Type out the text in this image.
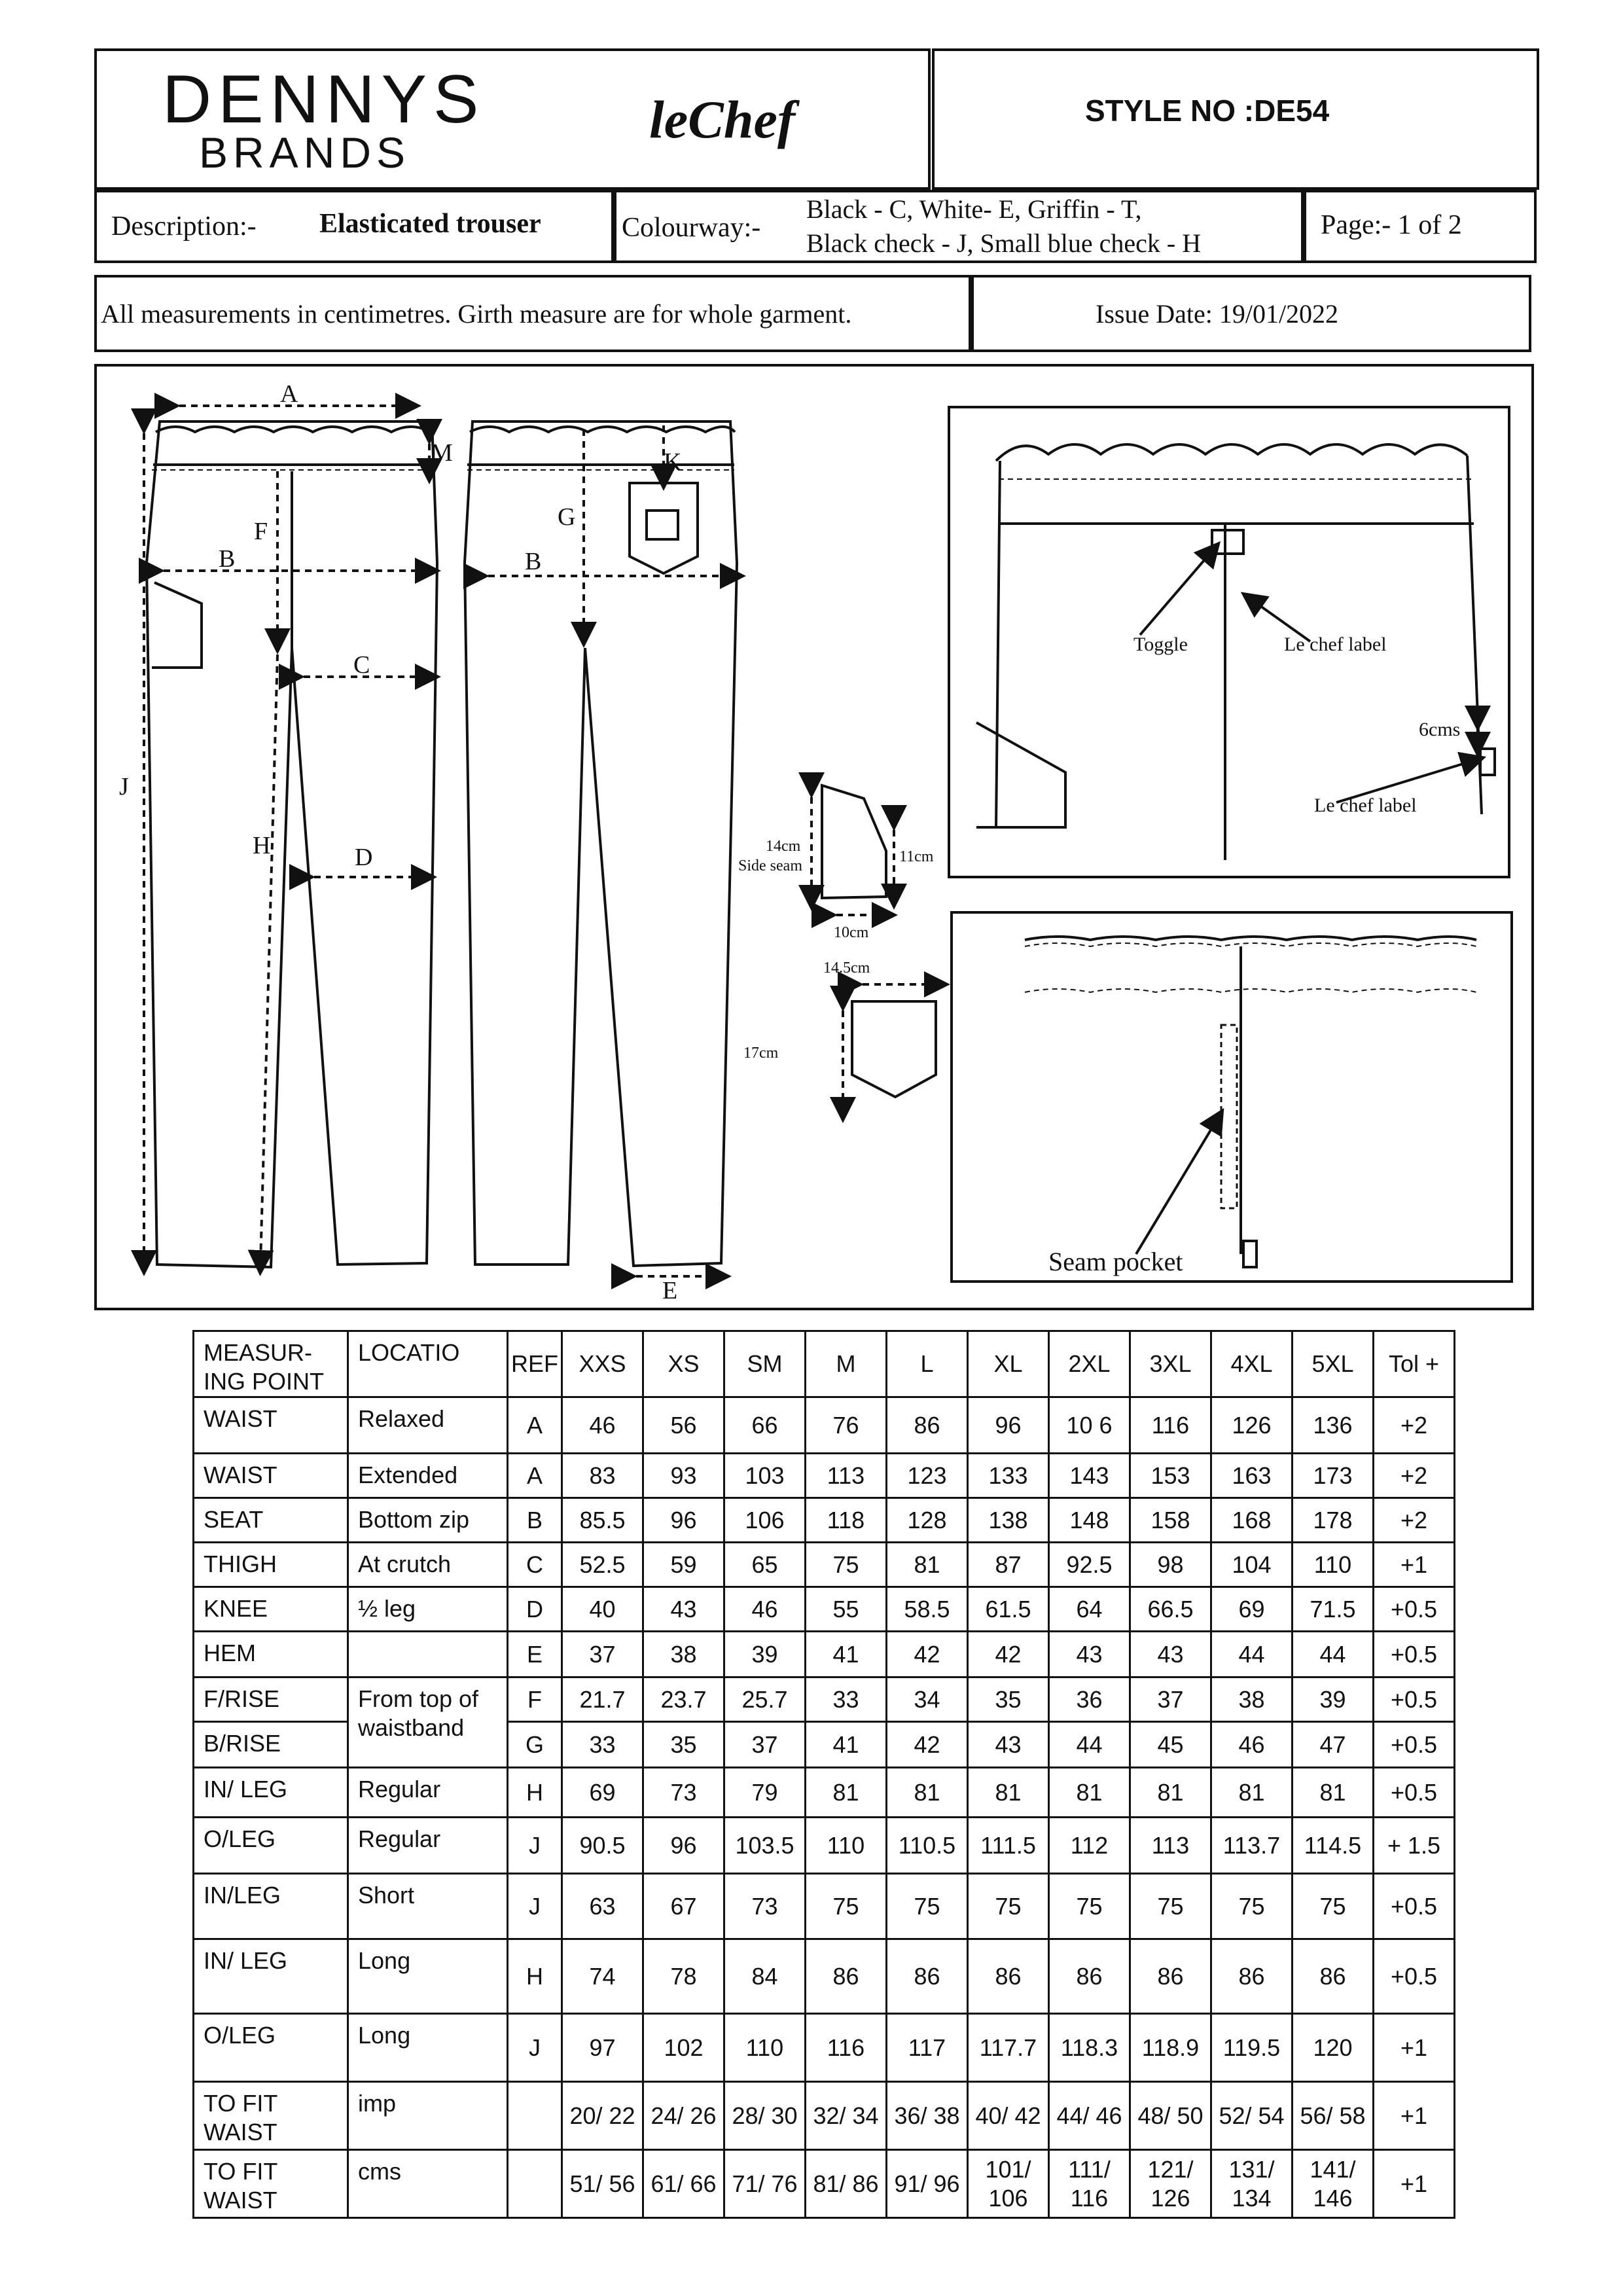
DENNYS
BRANDS
leChef	STYLE NO :DE54
Description:- Elasticated trouser	Colourway:-
Black - C, White- E, Griffin - T,
Black check - J, Small blue check - H
Page:- 1 of 2
All measurements in centimetres. Girth measure are for whole garment.	Issue Date: 19/01/2022
A
M
F
B	B
G
K
C
J
H	D
E
14cm
Side seam
11cm
10cm
14.5cm
17cm
Toggle	Le chef label
6cms
Le chef label
Seam pocket
MEASUR-ING POINT	LOCATIO	REF	XXS	XS	SM	M	L	XL	2XL	3XL	4XL	5XL	Tol +
WAIST	Relaxed	A	46	56	66	76	86	96	10 6	116	126	136	+2
WAIST	Extended	A	83	93	103	113	123	133	143	153	163	173	+2
SEAT	Bottom zip	B	85.5	96	106	118	128	138	148	158	168	178	+2
THIGH	At crutch	C	52.5	59	65	75	81	87	92.5	98	104	110	+1
KNEE	½ leg	D	40	43	46	55	58.5	61.5	64	66.5	69	71.5	+0.5
HEM		E	37	38	39	41	42	42	43	43	44	44	+0.5
F/RISE	From top of waistband	F	21.7	23.7	25.7	33	34	35	36	37	38	39	+0.5
B/RISE		G	33	35	37	41	42	43	44	45	46	47	+0.5
IN/ LEG	Regular	H	69	73	79	81	81	81	81	81	81	81	+0.5
O/LEG	Regular	J	90.5	96	103.5	110	110.5	111.5	112	113	113.7	114.5	+ 1.5
IN/LEG	Short	J	63	67	73	75	75	75	75	75	75	75	+0.5
IN/ LEG	Long	H	74	78	84	86	86	86	86	86	86	86	+0.5
O/LEG	Long	J	97	102	110	116	117	117.7	118.3	118.9	119.5	120	+1
TO FIT WAIST	imp		20/ 22	24/ 26	28/ 30	32/ 34	36/ 38	40/ 42	44/ 46	48/ 50	52/ 54	56/ 58	+1
TO FIT WAIST	cms		51/ 56	61/ 66	71/ 76	81/ 86	91/ 96	101/ 106	111/ 116	121/ 126	131/ 134	141/ 146	+1
